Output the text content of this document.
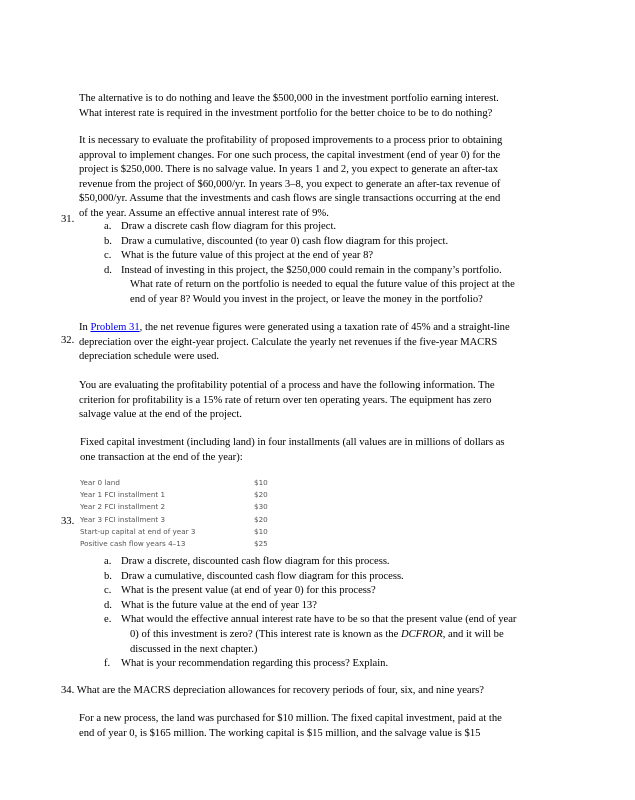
The alternative is to do nothing and leave the $500,000 in the investment portfolio earning interest.
What interest rate is required in the investment portfolio for the better choice to be to do nothing?
It is necessary to evaluate the profitability of proposed improvements to a process prior to obtaining
approval to implement changes. For one such process, the capital investment (end of year 0) for the
project is $250,000. There is no salvage value. In years 1 and 2, you expect to generate an after-tax
revenue from the project of $60,000/yr. In years 3–8, you expect to generate an after-tax revenue of
$50,000/yr. Assume that the investments and cash flows are single transactions occurring at the end
of the year. Assume an effective annual interest rate of 9%.
31.
a. Draw a discrete cash flow diagram for this project.
b. Draw a cumulative, discounted (to year 0) cash flow diagram for this project.
c. What is the future value of this project at the end of year 8?
d. Instead of investing in this project, the $250,000 could remain in the company’s portfolio.
What rate of return on the portfolio is needed to equal the future value of this project at the
end of year 8? Would you invest in the project, or leave the money in the portfolio?
In Problem 31, the net revenue figures were generated using a taxation rate of 45% and a straight-line
depreciation over the eight-year project. Calculate the yearly net revenues if the five-year MACRS
depreciation schedule were used.
32.
You are evaluating the profitability potential of a process and have the following information. The
criterion for profitability is a 15% rate of return over ten operating years. The equipment has zero
salvage value at the end of the project.
Fixed capital investment (including land) in four installments (all values are in millions of dollars as
one transaction at the end of the year):
Year 0 land	$10
Year 1 FCI installment 1	$20
Year 2 FCI installment 2	$30
Year 3 FCI installment 3	$20
Start-up capital at end of year 3	$10
Positive cash flow years 4–13	$25
33.
a. Draw a discrete, discounted cash flow diagram for this process.
b. Draw a cumulative, discounted cash flow diagram for this process.
c. What is the present value (at end of year 0) for this process?
d. What is the future value at the end of year 13?
e. What would the effective annual interest rate have to be so that the present value (end of year
0) of this investment is zero? (This interest rate is known as the DCFROR, and it will be
discussed in the next chapter.)
f. What is your recommendation regarding this process? Explain.
34. What are the MACRS depreciation allowances for recovery periods of four, six, and nine years?
For a new process, the land was purchased for $10 million. The fixed capital investment, paid at the
end of year 0, is $165 million. The working capital is $15 million, and the salvage value is $15
